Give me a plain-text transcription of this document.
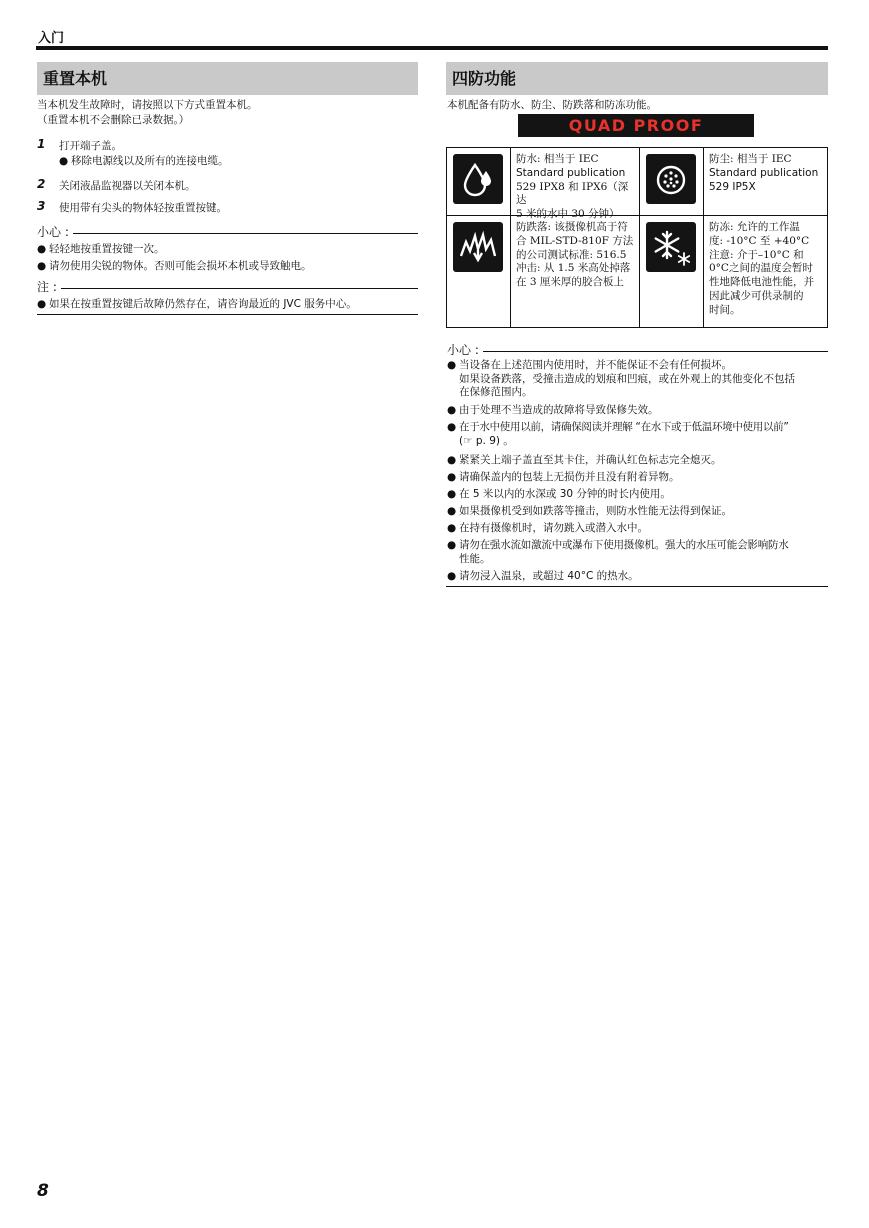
入门
重置本机
当本机发生故障时，请按照以下方式重置本机。
（重置本机不会删除已录数据。）
1 打开端子盖。
● 移除电源线以及所有的连接电缆。
2 关闭液晶监视器以关闭本机。
3 使用带有尖头的物体轻按重置按键。
小心 :
● 轻轻地按重置按键一次。
● 请勿使用尖锐的物体。否则可能会损坏本机或导致触电。
注 :
● 如果在按重置按键后故障仍然存在，请咨询最近的 JVC 服务中心。
四防功能
本机配备有防水、防尘、防跌落和防冻功能。
QUAD PROOF
防水: 相当于 IEC
Standard publication
529 IPX8 和 IPX6（深达
5 米的水中 30 分钟）
防尘: 相当于 IEC
Standard publication
529 IP5X
防跌落: 该摄像机高于符
合 MIL-STD-810F 方法
的公司测试标准: 516.5
冲击: 从 1.5 米高处掉落
在 3 厘米厚的胶合板上
防冻: 允许的工作温
度: -10°C 至 +40°C
注意: 介于–10°C 和
0°C之间的温度会暂时
性地降低电池性能，并
因此减少可供录制的
时间。
小心 :
● 当设备在上述范围内使用时，并不能保证不会有任何损坏。
如果设备跌落，受撞击造成的划痕和凹痕，或在外观上的其他变化不包括
在保修范围内。
● 由于处理不当造成的故障将导致保修失效。
● 在于水中使用以前，请确保阅读并理解 “在水下或于低温环境中使用以前”
(☞ p. 9) 。
● 紧紧关上端子盖直至其卡住，并确认红色标志完全熄灭。
● 请确保盖内的包装上无损伤并且没有附着异物。
● 在 5 米以内的水深或 30 分钟的时长内使用。
● 如果摄像机受到如跌落等撞击，则防水性能无法得到保证。
● 在持有摄像机时，请勿跳入或潜入水中。
● 请勿在强水流如激流中或瀑布下使用摄像机。强大的水压可能会影响防水
性能。
● 请勿浸入温泉，或超过 40°C 的热水。
8
